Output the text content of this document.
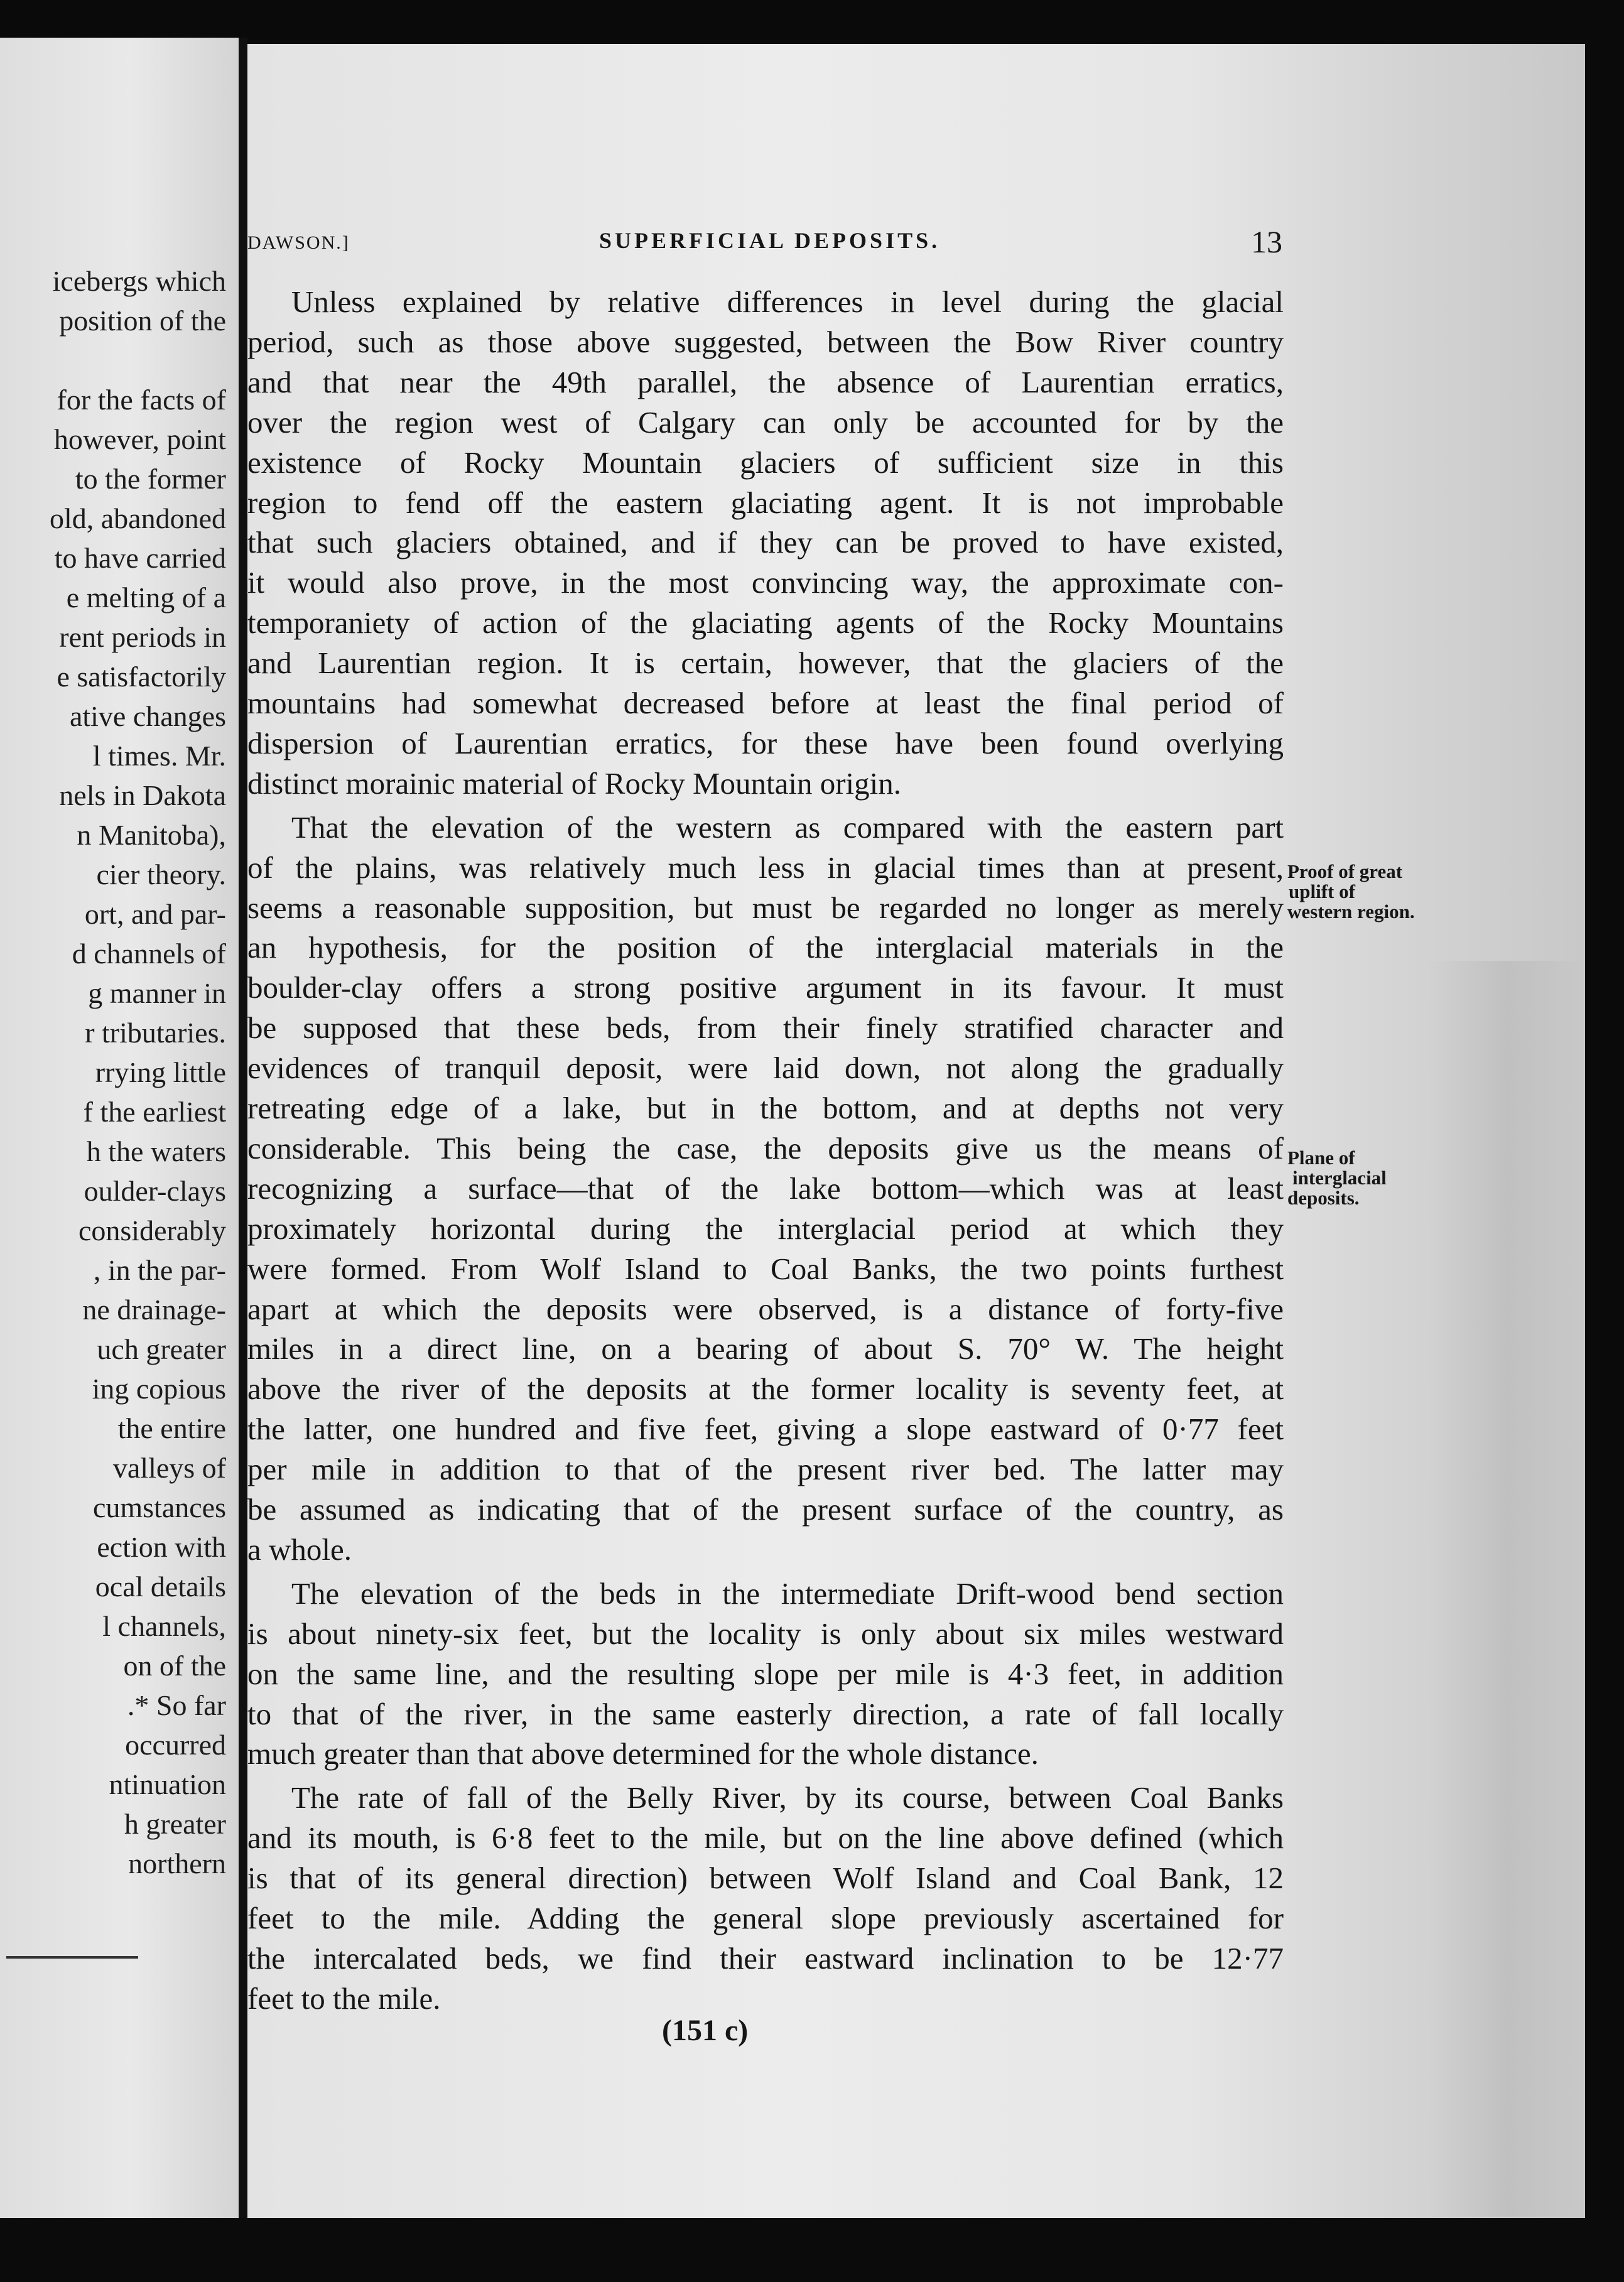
icebergs which
position of the
for the facts of
however, point
to the former
old, abandoned
to have carried
e melting of a
rent periods in
e satisfactorily
ative changes
l times. Mr.
nels in Dakota
n Manitoba),
cier theory.
ort, and par-
d channels of
g manner in
r tributaries.
rrying little
f the earliest
h the waters
oulder-clays
considerably
, in the par-
ne drainage-
uch greater
ing copious
the entire
valleys of
cumstances
ection with
ocal details
l channels,
on of the
.* So far
occurred
ntinuation
h greater
northern
DAWSON.]	SUPERFICIAL DEPOSITS.	13
Unless explained by relative differences in level during the glacial
period, such as those above suggested, between the Bow River country
and that near the 49th parallel, the absence of Laurentian erratics,
over the region west of Calgary can only be accounted for by the
existence of Rocky Mountain glaciers of sufficient size in this
region to fend off the eastern glaciating agent. It is not improbable
that such glaciers obtained, and if they can be proved to have existed,
it would also prove, in the most convincing way, the approximate con-
temporaniety of action of the glaciating agents of the Rocky Mountains
and Laurentian region. It is certain, however, that the glaciers of the
mountains had somewhat decreased before at least the final period of
dispersion of Laurentian erratics, for these have been found overlying
distinct morainic material of Rocky Mountain origin.
That the elevation of the western as compared with the eastern part
of the plains, was relatively much less in glacial times than at present,
seems a reasonable supposition, but must be regarded no longer as merely
an hypothesis, for the position of the interglacial materials in the
boulder-clay offers a strong positive argument in its favour. It must
be supposed that these beds, from their finely stratified character and
evidences of tranquil deposit, were laid down, not along the gradually
retreating edge of a lake, but in the bottom, and at depths not very
considerable. This being the case, the deposits give us the means of
recognizing a surface—that of the lake bottom—which was at least
proximately horizontal during the interglacial period at which they
were formed. From Wolf Island to Coal Banks, the two points furthest
apart at which the deposits were observed, is a distance of forty-five
miles in a direct line, on a bearing of about S. 70° W. The height
above the river of the deposits at the former locality is seventy feet, at
the latter, one hundred and five feet, giving a slope eastward of 0·77 feet
per mile in addition to that of the present river bed. The latter may
be assumed as indicating that of the present surface of the country, as
a whole.
The elevation of the beds in the intermediate Drift-wood bend section
is about ninety-six feet, but the locality is only about six miles westward
on the same line, and the resulting slope per mile is 4·3 feet, in addition
to that of the river, in the same easterly direction, a rate of fall locally
much greater than that above determined for the whole distance.
The rate of fall of the Belly River, by its course, between Coal Banks
and its mouth, is 6·8 feet to the mile, but on the line above defined (which
is that of its general direction) between Wolf Island and Coal Bank, 12
feet to the mile. Adding the general slope previously ascertained for
the intercalated beds, we find their eastward inclination to be 12·77
feet to the mile.
Proof of great
uplift of
western region.
Plane of
interglacial
deposits.
(151 c)
